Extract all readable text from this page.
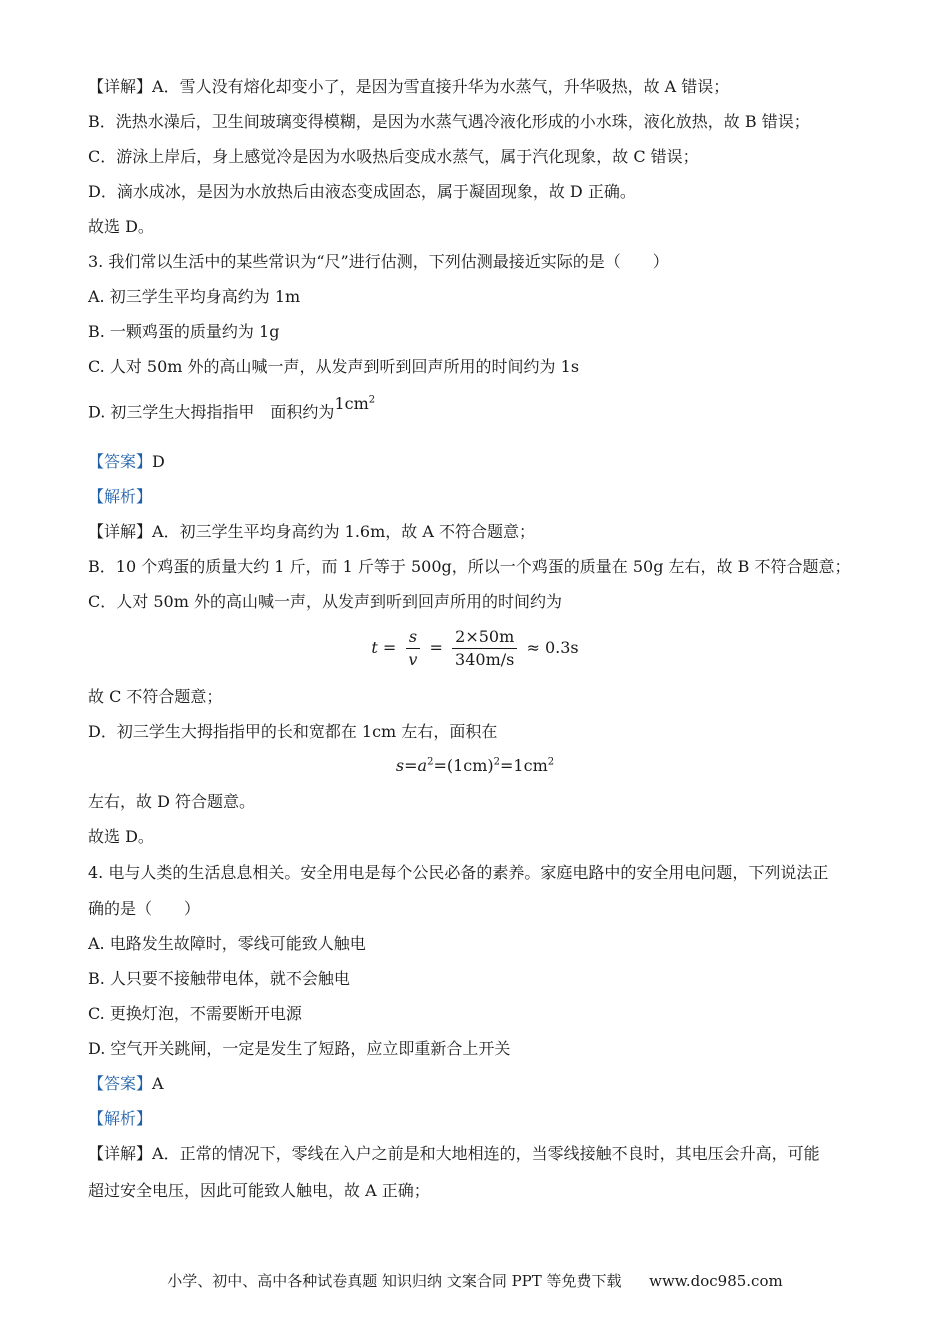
【详解】A．雪人没有熔化却变小了，是因为雪直接升华为水蒸气，升华吸热，故 A 错误；
B．洗热水澡后，卫生间玻璃变得模糊，是因为水蒸气遇冷液化形成的小水珠，液化放热，故 B 错误；
C．游泳上岸后，身上感觉冷是因为水吸热后变成水蒸气，属于汽化现象，故 C 错误；
D．滴水成冰，是因为水放热后由液态变成固态，属于凝固现象，故 D 正确。
故选 D。
3. 我们常以生活中的某些常识为“尺”进行估测，下列估测最接近实际的是（　　）
A. 初三学生平均身高约为 1m
B. 一颗鸡蛋的质量约为 1g
C. 人对 50m 外的高山喊一声，从发声到听到回声所用的时间约为 1s
D. 初三学生大拇指指甲　面积约为$1cm^2$
【答案】D
【解析】
【详解】A．初三学生平均身高约为 1.6m，故 A 不符合题意；
B．10 个鸡蛋的质量大约 1 斤，而 1 斤等于 500g，所以一个鸡蛋的质量在 50g 左右，故 B 不符合题意；
C．人对 50m 外的高山喊一声，从发声到听到回声所用的时间约为
$t = \frac{s}{v} = \frac{2\times 50m}{340m/s} \approx 0.3s$
故 C 不符合题意；
D．初三学生大拇指指甲的长和宽都在 1cm 左右，面积在
$s=a^2=(1cm)^2=1cm^2$
左右，故 D 符合题意。
故选 D。
4. 电与人类的生活息息相关。安全用电是每个公民必备的素养。家庭电路中的安全用电问题，下列说法正
确的是（　　）
A. 电路发生故障时，零线可能致人触电
B. 人只要不接触带电体，就不会触电
C. 更换灯泡，不需要断开电源
D. 空气开关跳闸，一定是发生了短路，应立即重新合上开关
【答案】A
【解析】
【详解】A．正常的情况下，零线在入户之前是和大地相连的，当零线接触不良时，其电压会升高，可能
超过安全电压，因此可能致人触电，故 A 正确；
小学、初中、高中各种试卷真题 知识归纳 文案合同 PPT 等免费下载 www.doc985.com
